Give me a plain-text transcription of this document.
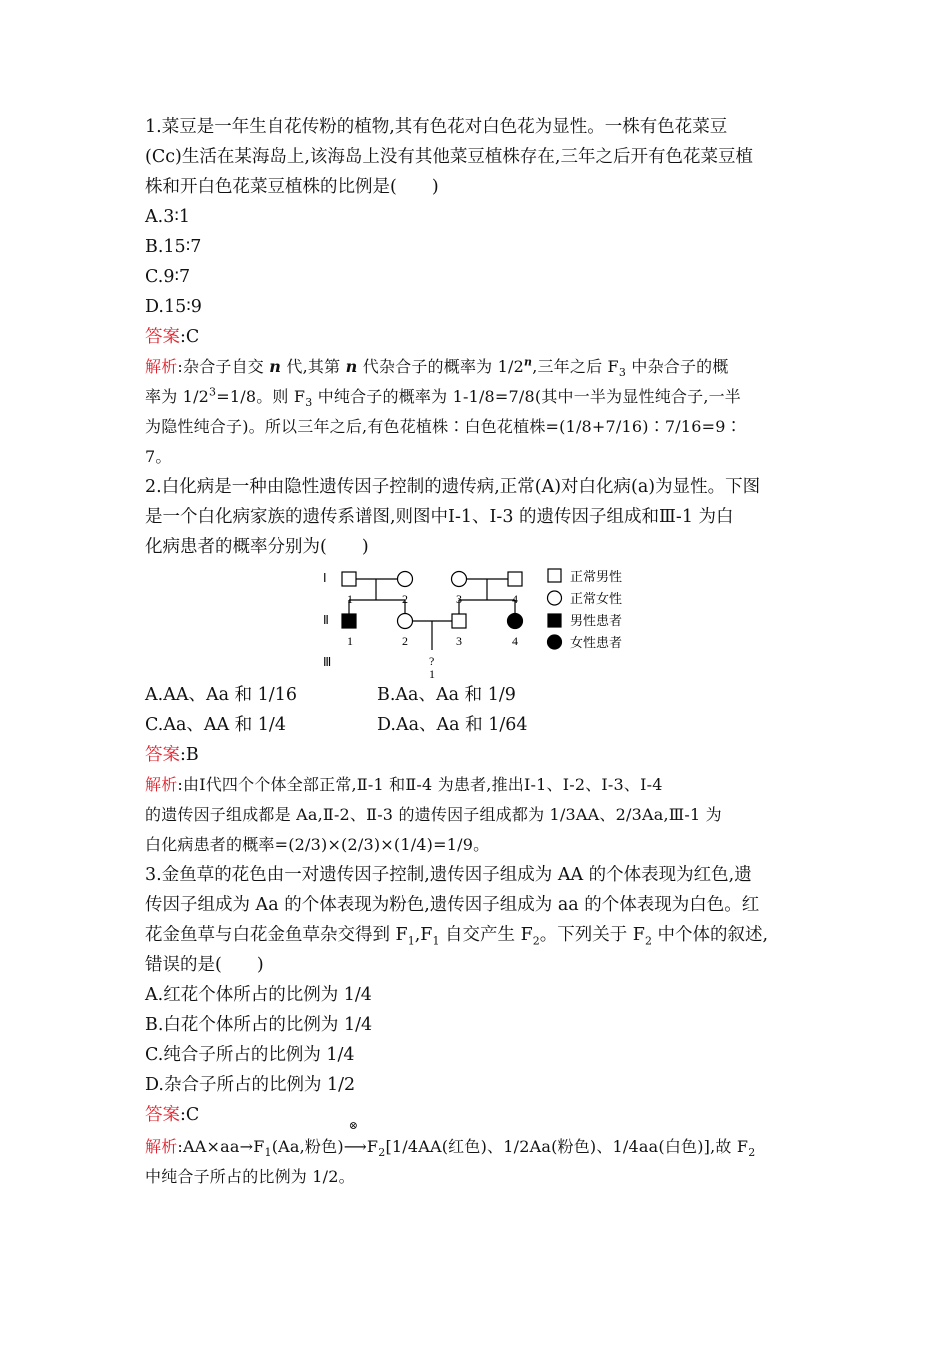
1.菜豆是一年生自花传粉的植物,其有色花对白色花为显性。一株有色花菜豆
(Cc)生活在某海岛上,该海岛上没有其他菜豆植株存在,三年之后开有色花菜豆植
株和开白色花菜豆植株的比例是(　　)
A.3∶1
B.15∶7
C.9∶7
D.15∶9
答案:C
解析:杂合子自交 n 代,其第 n 代杂合子的概率为 1/2$^n$,三年之后 $F_3$ 中杂合子的概
率为 $1/2^3=1/8$。则 $F_3$ 中纯合子的概率为 1-1/8=7/8(其中一半为显性纯合子,一半
为隐性纯合子)。所以三年之后,有色花植株∶白色花植株=(1/8+7/16)∶7/16=9∶
7。
2.白化病是一种由隐性遗传因子控制的遗传病,正常(A)对白化病(a)为显性。下图
是一个白化病家族的遗传系谱图,则图中Ⅰ-1、Ⅰ-3 的遗传因子组成和Ⅲ-1 为白
化病患者的概率分别为(　　)
Ⅰ
Ⅱ
Ⅲ
1	2	3	4
1	2	3	4
?
1
正常男性
正常女性
男性患者
女性患者
A.AA、Aa 和 1/16	B.Aa、Aa 和 1/9
C.Aa、AA 和 1/4	D.Aa、Aa 和 1/64
答案:B
解析:由Ⅰ代四个个体全部正常,Ⅱ-1 和Ⅱ-4 为患者,推出Ⅰ-1、Ⅰ-2、Ⅰ-3、Ⅰ-4
的遗传因子组成都是 Aa,Ⅱ-2、Ⅱ-3 的遗传因子组成都为 1/3AA、2/3Aa,Ⅲ-1 为
白化病患者的概率=(2/3)×(2/3)×(1/4)=1/9。
3.金鱼草的花色由一对遗传因子控制,遗传因子组成为 AA 的个体表现为红色,遗
传因子组成为 Aa 的个体表现为粉色,遗传因子组成为 aa 的个体表现为白色。红
花金鱼草与白花金鱼草杂交得到 $F_1,F_1$ 自交产生 $F_2$。下列关于 $F_2$ 中个体的叙述,
错误的是(　　)
A.红花个体所占的比例为 1/4
B.白花个体所占的比例为 1/4
C.纯合子所占的比例为 1/4
D.杂合子所占的比例为 1/2
答案:C
解析$:AA\times aa\to F_1(Aa$,粉色)
⊗
$⟶F_2[1/4AA$(红色)、1/2Aa(粉色)、1/4aa(白色)],故 $F_2$
中纯合子所占的比例为 1/2。
